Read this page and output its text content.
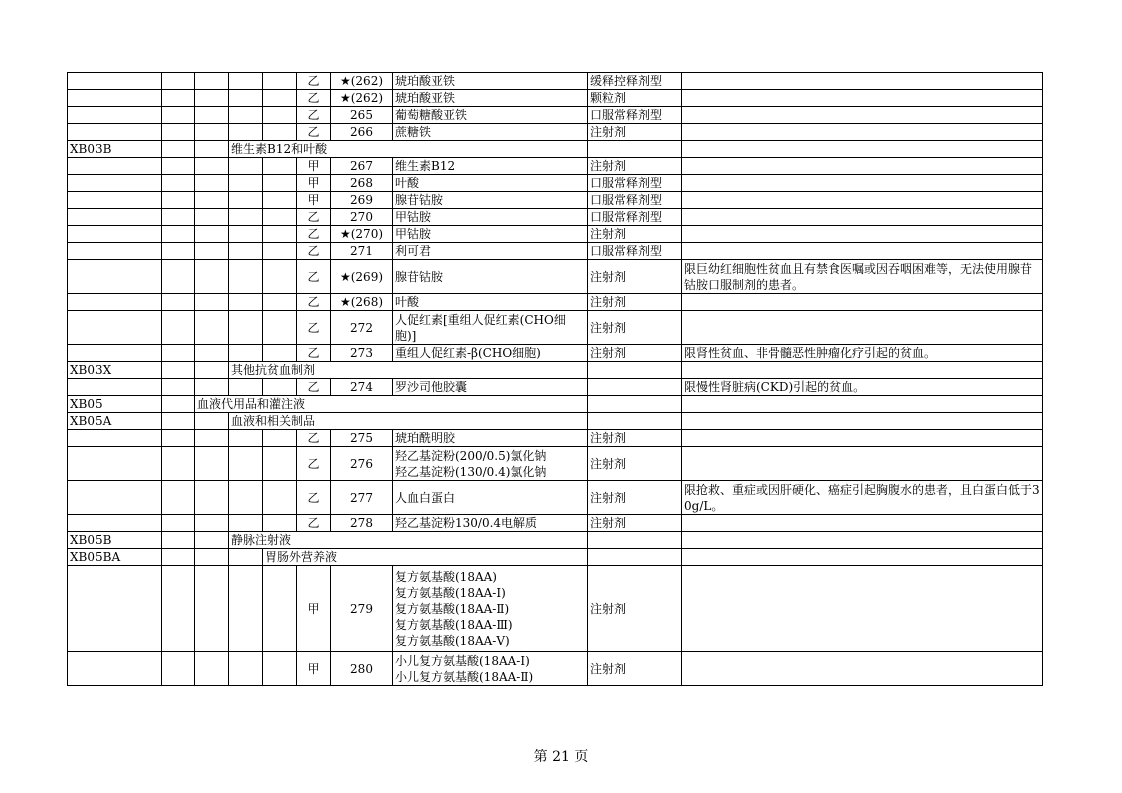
					乙	★(262)	琥珀酸亚铁	缓释控释剂型		
					乙	★(262)	琥珀酸亚铁	颗粒剂		
					乙	265	葡萄糖酸亚铁	口服常释剂型		
					乙	266	蔗糖铁	注射剂		
XB03B			维生素B12和叶酸							
					甲	267	维生素B12	注射剂		
					甲	268	叶酸	口服常释剂型		
					甲	269	腺苷钴胺	口服常释剂型		
					乙	270	甲钴胺	口服常释剂型		
					乙	★(270)	甲钴胺	注射剂		
					乙	271	利可君	口服常释剂型		
					乙	★(269)	腺苷钴胺	注射剂	限巨幼红细胞性贫血且有禁食医嘱或因吞咽困难等，无法使用腺苷钴胺口服制剂的患者。	
					乙	★(268)	叶酸	注射剂		
					乙	272	人促红素[重组人促红素(CHO细胞)]	注射剂		
					乙	273	重组人促红素-β(CHO细胞)	注射剂	限肾性贫血、非骨髓恶性肿瘤化疗引起的贫血。	
XB03X			其他抗贫血制剂							
					乙	274	罗沙司他胶囊		限慢性肾脏病(CKD)引起的贫血。	
XB05		血液代用品和灌注液								
XB05A			血液和相关制品							
					乙	275	琥珀酰明胶	注射剂		
					乙	276	羟乙基淀粉(200/0.5)氯化钠
羟乙基淀粉(130/0.4)氯化钠	注射剂		
					乙	277	人血白蛋白	注射剂	限抢救、重症或因肝硬化、癌症引起胸腹水的患者，且白蛋白低于30g/L。	
					乙	278	羟乙基淀粉130/0.4电解质	注射剂		
XB05B			静脉注射液							
XB05BA				胃肠外营养液						
					甲	279	复方氨基酸(18AA)
复方氨基酸(18AA-Ⅰ)
复方氨基酸(18AA-Ⅱ)
复方氨基酸(18AA-Ⅲ)
复方氨基酸(18AA-Ⅴ)	注射剂		
					甲	280	小儿复方氨基酸(18AA-Ⅰ)
小儿复方氨基酸(18AA-Ⅱ)	注射剂		
第 21 页
